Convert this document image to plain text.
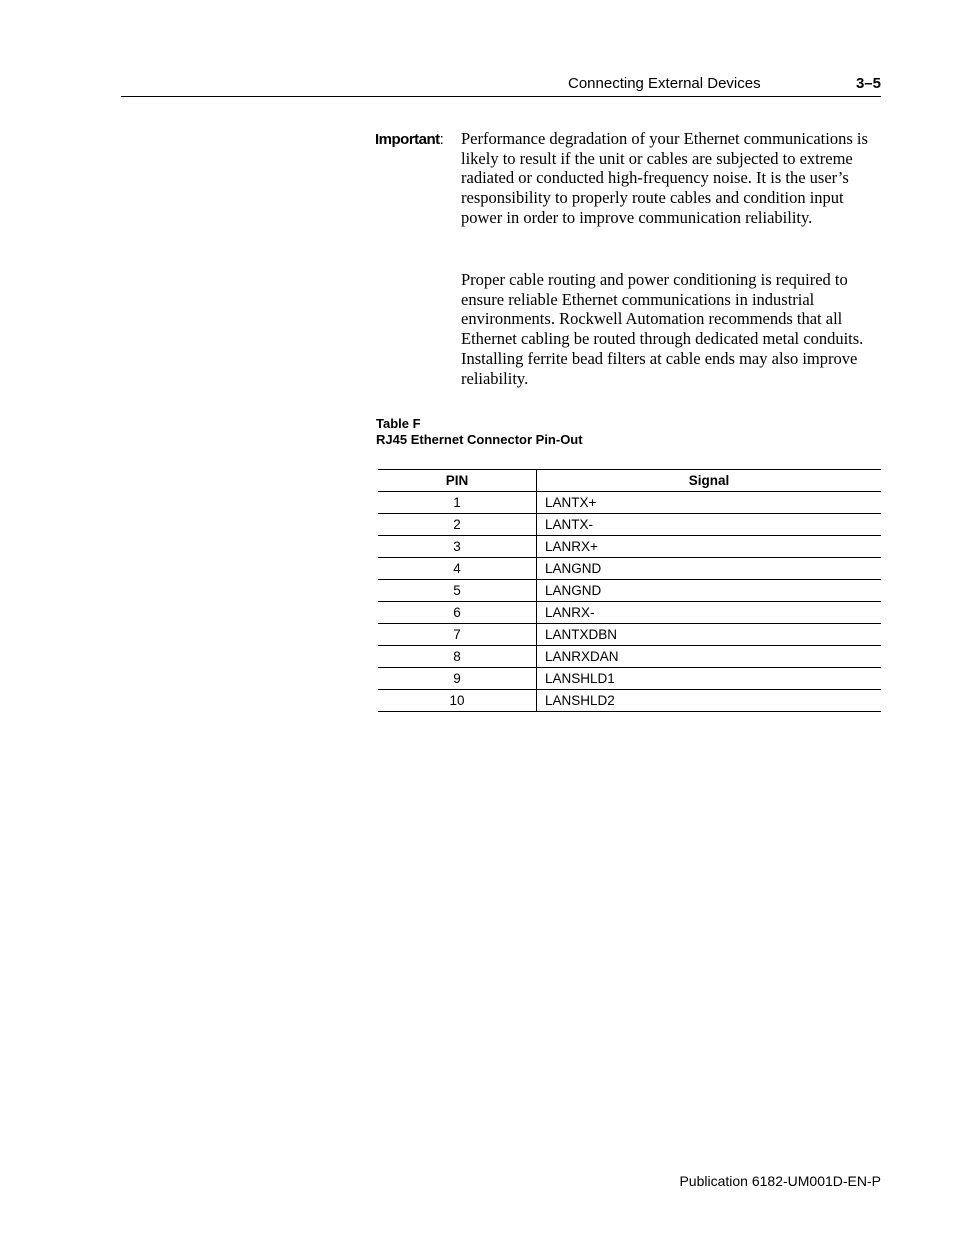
Connecting External Devices	3–5
Important: Performance degradation of your Ethernet communications is likely to result if the unit or cables are subjected to extreme radiated or conducted high-frequency noise. It is the user’s responsibility to properly route cables and condition input power in order to improve communication reliability.

Proper cable routing and power conditioning is required to ensure reliable Ethernet communications in industrial environments. Rockwell Automation recommends that all Ethernet cabling be routed through dedicated metal conduits. Installing ferrite bead filters at cable ends may also improve reliability.

Table F
RJ45 Ethernet Connector Pin-Out
PIN	Signal
1	LANTX+
2	LANTX-
3	LANRX+
4	LANGND
5	LANGND
6	LANRX-
7	LANTXDBN
8	LANRXDAN
9	LANSHLD1
10	LANSHLD2
Publication 6182-UM001D-EN-P
